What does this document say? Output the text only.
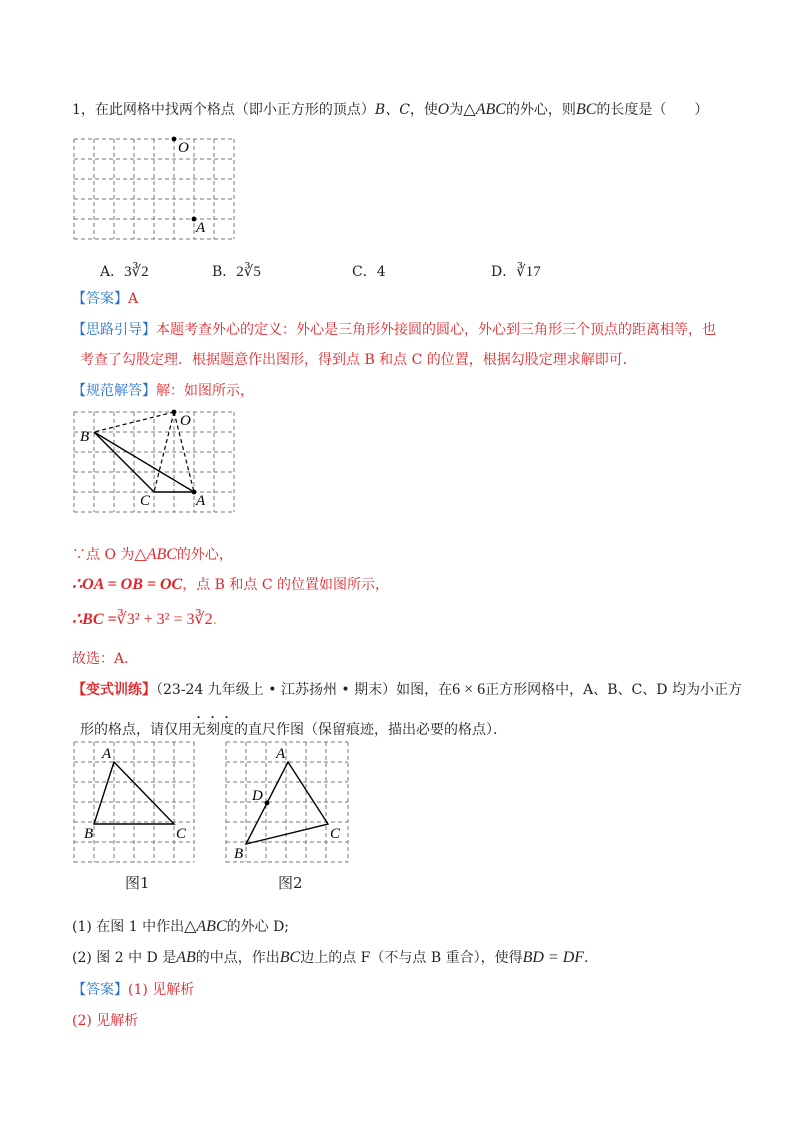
1，在此网格中找两个格点（即小正方形的顶点）B、C，使O为△ABC的外心，则BC的长度是（　　）
O
A
A．3∛2	B．2∛5	C．4	D．∛17
【答案】A
【思路引导】本题考查外心的定义：外心是三角形外接圆的圆心，外心到三角形三个顶点的距离相等，也
考查了勾股定理．根据题意作出图形，得到点 B 和点 C 的位置，根据勾股定理求解即可．
【规范解答】解：如图所示，
O
B
C	A
∵点 O 为△ABC的外心，
∴OA = OB = OC，点 B 和点 C 的位置如图所示，
∴BC =∛3² + 3² = 3∛2．
故选：A．
【变式训练】（23-24 九年级上 • 江苏扬州 • 期末）如图，在6 × 6正方形网格中，A、B、C、D 均为小正方
形的格点，请仅用无刻度的直尺作图（保留痕迹，描出必要的格点）．
A
B	C
图1
A
D
B
C
图2
(1) 在图 1 中作出△ABC的外心 D;
(2) 图 2 中 D 是AB的中点，作出BC边上的点 F（不与点 B 重合），使得BD = DF.
【答案】(1) 见解析
(2) 见解析
